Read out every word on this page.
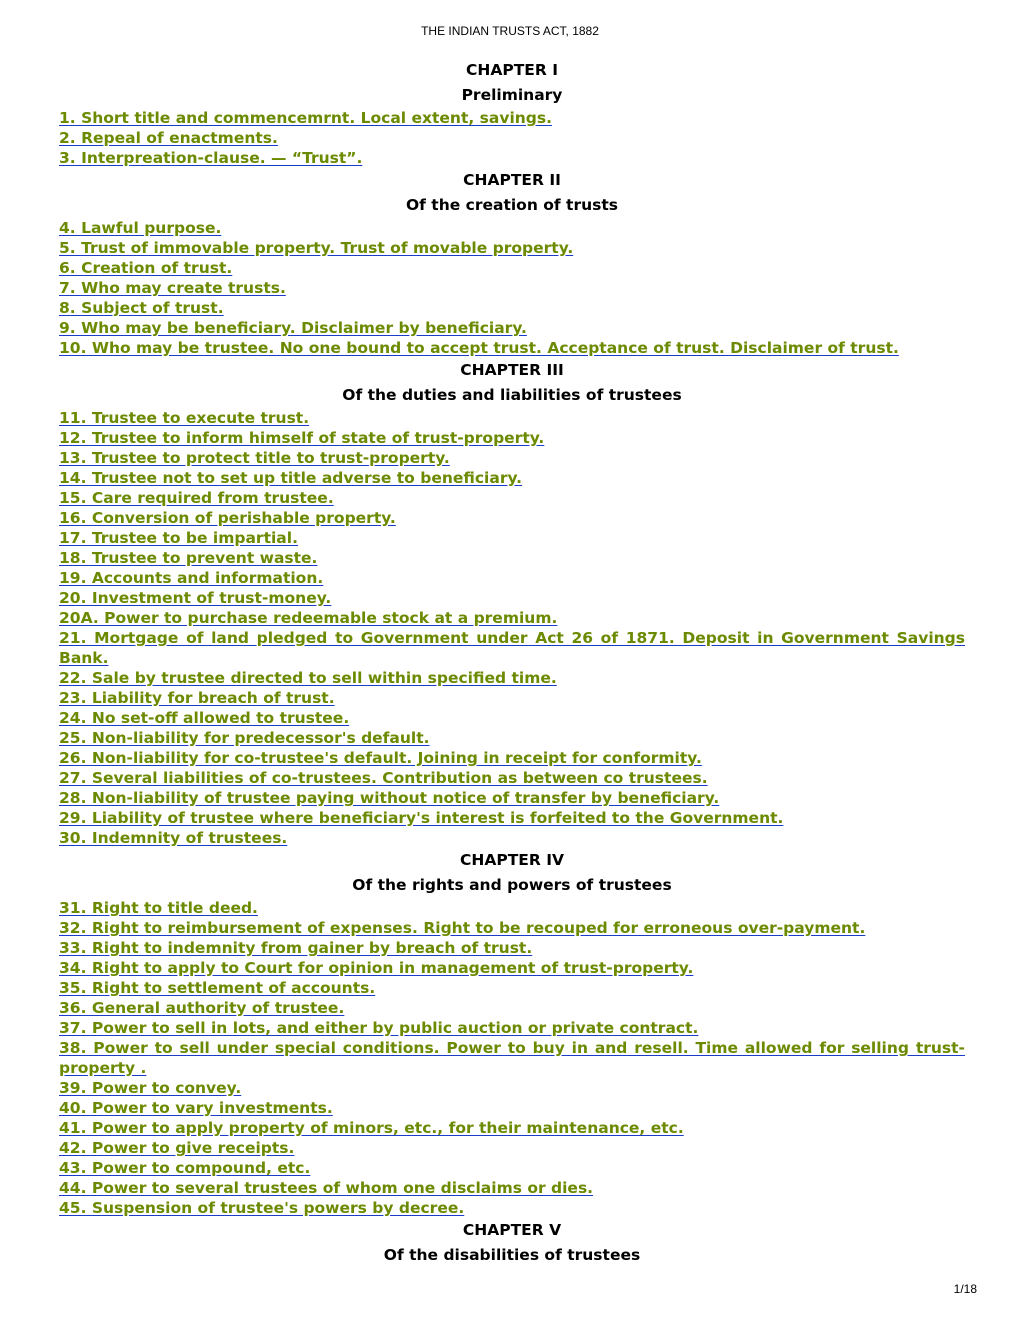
THE INDIAN TRUSTS ACT, 1882
CHAPTER I
Preliminary
1. Short title and commencemrnt. Local extent, savings.
2. Repeal of enactments.
3. Interpreation-clause. — “Trust”.
CHAPTER II
Of the creation of trusts
4. Lawful purpose.
5. Trust of immovable property. Trust of movable property.
6. Creation of trust.
7. Who may create trusts.
8. Subject of trust.
9. Who may be beneficiary. Disclaimer by beneficiary.
10. Who may be trustee. No one bound to accept trust. Acceptance of trust. Disclaimer of trust.
CHAPTER III
Of the duties and liabilities of trustees
11. Trustee to execute trust.
12. Trustee to inform himself of state of trust-property.
13. Trustee to protect title to trust-property.
14. Trustee not to set up title adverse to beneficiary.
15. Care required from trustee.
16. Conversion of perishable property.
17. Trustee to be impartial.
18. Trustee to prevent waste.
19. Accounts and information.
20. Investment of trust-money.
20A. Power to purchase redeemable stock at a premium.
21. Mortgage of land pledged to Government under Act 26 of 1871. Deposit in Government Savings Bank.
22. Sale by trustee directed to sell within specified time.
23. Liability for breach of trust.
24. No set-off allowed to trustee.
25. Non-liability for predecessor's default.
26. Non-liability for co-trustee's default. Joining in receipt for conformity.
27. Several liabilities of co-trustees. Contribution as between co trustees.
28. Non-liability of trustee paying without notice of transfer by beneficiary.
29. Liability of trustee where beneficiary's interest is forfeited to the Government.
30. Indemnity of trustees.
CHAPTER IV
Of the rights and powers of trustees
31. Right to title deed.
32. Right to reimbursement of expenses. Right to be recouped for erroneous over-payment.
33. Right to indemnity from gainer by breach of trust.
34. Right to apply to Court for opinion in management of trust-property.
35. Right to settlement of accounts.
36. General authority of trustee.
37. Power to sell in lots, and either by public auction or private contract.
38. Power to sell under special conditions. Power to buy in and resell. Time allowed for selling trust-property .
39. Power to convey.
40. Power to vary investments.
41. Power to apply property of minors, etc., for their maintenance, etc.
42. Power to give receipts.
43. Power to compound, etc.
44. Power to several trustees of whom one disclaims or dies.
45. Suspension of trustee's powers by decree.
CHAPTER V
Of the disabilities of trustees
1/18
